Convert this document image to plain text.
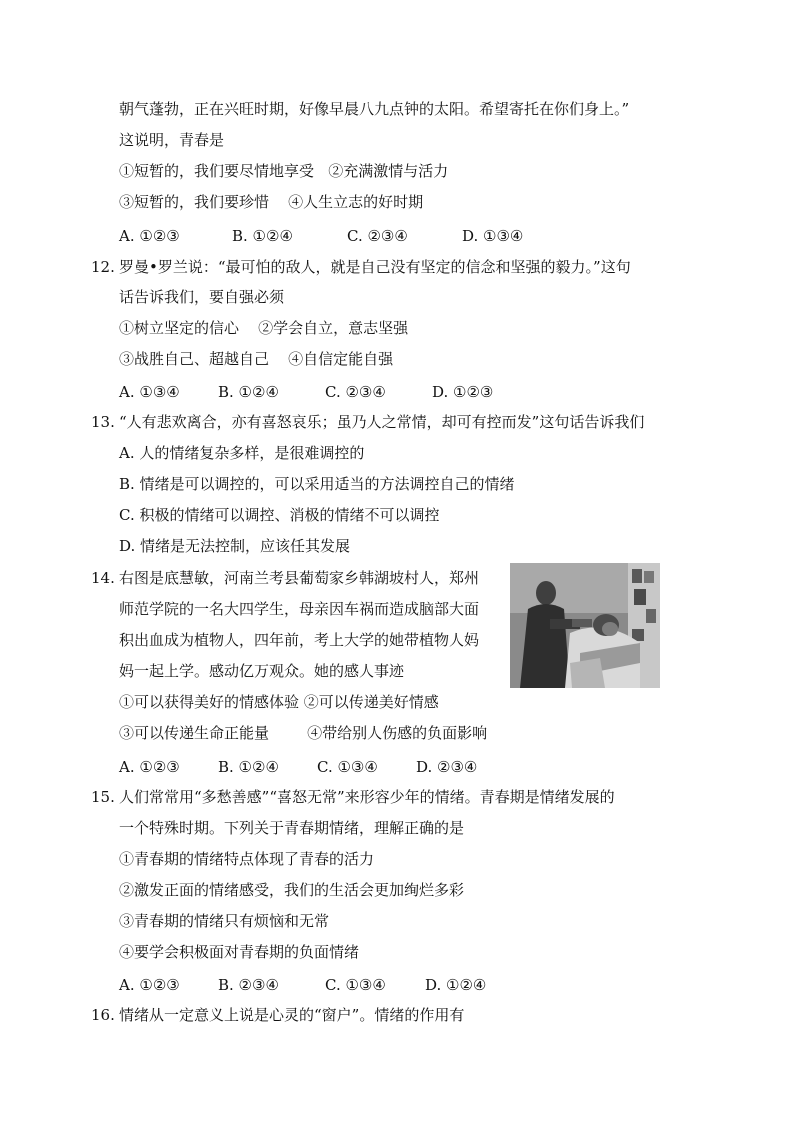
朝气蓬勃，正在兴旺时期，好像早晨八九点钟的太阳。希望寄托在你们身上。”
这说明，青春是
①短暂的，我们要尽情地享受   ②充满激情与活力
③短暂的，我们要珍惜    ④人生立志的好时期
A. ①②③	B. ①②④	C. ②③④	D. ①③④
12. 罗曼•罗兰说：“最可怕的敌人，就是自己没有坚定的信念和坚强的毅力。”这句
话告诉我们，要自强必须
①树立坚定的信心    ②学会自立，意志坚强
③战胜自己、超越自己    ④自信定能自强
A. ①③④	B. ①②④	C. ②③④	D. ①②③
13. “人有悲欢离合，亦有喜怒哀乐；虽乃人之常情，却可有控而发”这句话告诉我们
A. 人的情绪复杂多样，是很难调控的
B. 情绪是可以调控的，可以采用适当的方法调控自己的情绪
C. 积极的情绪可以调控、消极的情绪不可以调控
D. 情绪是无法控制，应该任其发展
14. 右图是底慧敏，河南兰考县葡萄家乡韩湖坡村人，郑州
师范学院的一名大四学生，母亲因车祸而造成脑部大面
积出血成为植物人，四年前，考上大学的她带植物人妈
妈一起上学。感动亿万观众。她的感人事迹
①可以获得美好的情感体验 ②可以传递美好情感
③可以传递生命正能量        ④带给别人伤感的负面影响
A. ①②③	B. ①②④	C. ①③④	D. ②③④
15. 人们常常用“多愁善感”“喜怒无常”来形容少年的情绪。青春期是情绪发展的
一个特殊时期。下列关于青春期情绪，理解正确的是
①青春期的情绪特点体现了青春的活力
②激发正面的情绪感受，我们的生活会更加绚烂多彩
③青春期的情绪只有烦恼和无常
④要学会积极面对青春期的负面情绪
A. ①②③	B. ②③④	C. ①③④	D. ①②④
16. 情绪从一定意义上说是心灵的“窗户”。情绪的作用有
